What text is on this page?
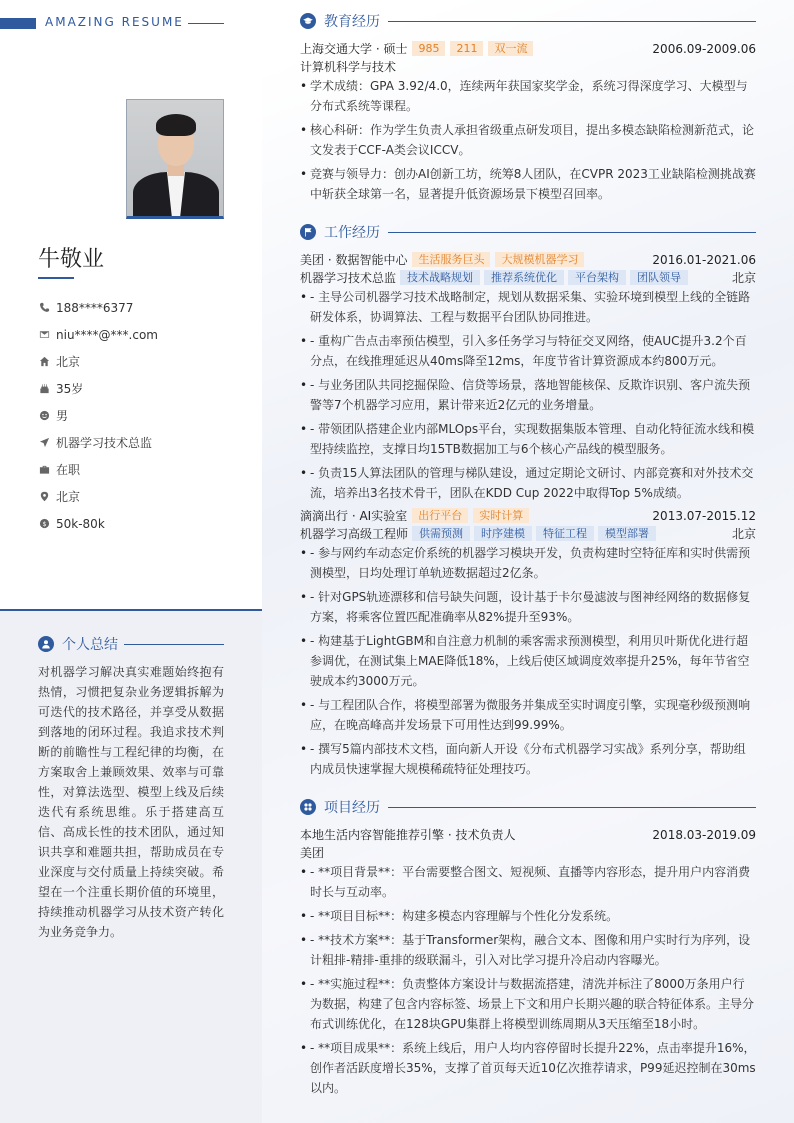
AMAZING RESUME
牛敬业
188****6377
niu****@***.com
北京
35岁
男
机器学习技术总监
在职
北京
$ 50k-80k
个人总结
对机器学习解决真实难题始终抱有热情，习惯把复杂业务逻辑拆解为可迭代的技术路径，并享受从数据到落地的闭环过程。我追求技术判断的前瞻性与工程纪律的均衡，在方案取舍上兼顾效果、效率与可靠性，对算法选型、模型上线及后续迭代有系统思维。乐于搭建高互信、高成长性的技术团队，通过知识共享和难题共担，帮助成员在专业深度与交付质量上持续突破。希望在一个注重长期价值的环境里，持续推动机器学习从技术资产转化为业务竞争力。
教育经历
上海交通大学 · 硕士	985	211	双一流	2006.09-2009.06
计算机科学与技术
• 学术成绩：GPA 3.92/4.0，连续两年获国家奖学金，系统习得深度学习、大模型与分布式系统等课程。
• 核心科研：作为学生负责人承担省级重点研发项目，提出多模态缺陷检测新范式，论文发表于CCF-A类会议ICCV。
• 竞赛与领导力：创办AI创新工坊，统筹8人团队，在CVPR 2023工业缺陷检测挑战赛中斩获全球第一名，显著提升低资源场景下模型召回率。
工作经历
美团 · 数据智能中心	生活服务巨头	大规模机器学习	2016.01-2021.06
机器学习技术总监	技术战略规划	推荐系统优化	平台架构	团队领导	北京
• - 主导公司机器学习技术战略制定，规划从数据采集、实验环境到模型上线的全链路研发体系，协调算法、工程与数据平台团队协同推进。
• - 重构广告点击率预估模型，引入多任务学习与特征交叉网络，使AUC提升3.2个百分点，在线推理延迟从40ms降至12ms，年度节省计算资源成本约800万元。
• - 与业务团队共同挖掘保险、信贷等场景，落地智能核保、反欺诈识别、客户流失预警等7个机器学习应用，累计带来近2亿元的业务增量。
• - 带领团队搭建企业内部MLOps平台，实现数据集版本管理、自动化特征流水线和模型持续监控，支撑日均15TB数据加工与6个核心产品线的模型服务。
• - 负责15人算法团队的管理与梯队建设，通过定期论文研讨、内部竞赛和对外技术交流，培养出3名技术骨干，团队在KDD Cup 2022中取得Top 5%成绩。
滴滴出行 · AI实验室	出行平台	实时计算	2013.07-2015.12
机器学习高级工程师	供需预测	时序建模	特征工程	模型部署	北京
• - 参与网约车动态定价系统的机器学习模块开发，负责构建时空特征库和实时供需预测模型，日均处理订单轨迹数据超过2亿条。
• - 针对GPS轨迹漂移和信号缺失问题，设计基于卡尔曼滤波与图神经网络的数据修复方案，将乘客位置匹配准确率从82%提升至93%。
• - 构建基于LightGBM和自注意力机制的乘客需求预测模型，利用贝叶斯优化进行超参调优，在测试集上MAE降低18%，上线后使区域调度效率提升25%，每年节省空驶成本约3000万元。
• - 与工程团队合作，将模型部署为微服务并集成至实时调度引擎，实现毫秒级预测响应，在晚高峰高并发场景下可用性达到99.99%。
• - 撰写5篇内部技术文档，面向新人开设《分布式机器学习实战》系列分享，帮助组内成员快速掌握大规模稀疏特征处理技巧。
项目经历
本地生活内容智能推荐引擎 · 技术负责人	2018.03-2019.09
美团
• - **项目背景**：平台需要整合图文、短视频、直播等内容形态，提升用户内容消费时长与互动率。
• - **项目目标**：构建多模态内容理解与个性化分发系统。
• - **技术方案**：基于Transformer架构，融合文本、图像和用户实时行为序列，设计粗排-精排-重排的级联漏斗，引入对比学习提升冷启动内容曝光。
• - **实施过程**：负责整体方案设计与数据流搭建，清洗并标注了8000万条用户行为数据，构建了包含内容标签、场景上下文和用户长期兴趣的联合特征体系。主导分布式训练优化，在128块GPU集群上将模型训练周期从3天压缩至18小时。
• - **项目成果**：系统上线后，用户人均内容停留时长提升22%，点击率提升16%，创作者活跃度增长35%，支撑了首页每天近10亿次推荐请求，P99延迟控制在30ms以内。
